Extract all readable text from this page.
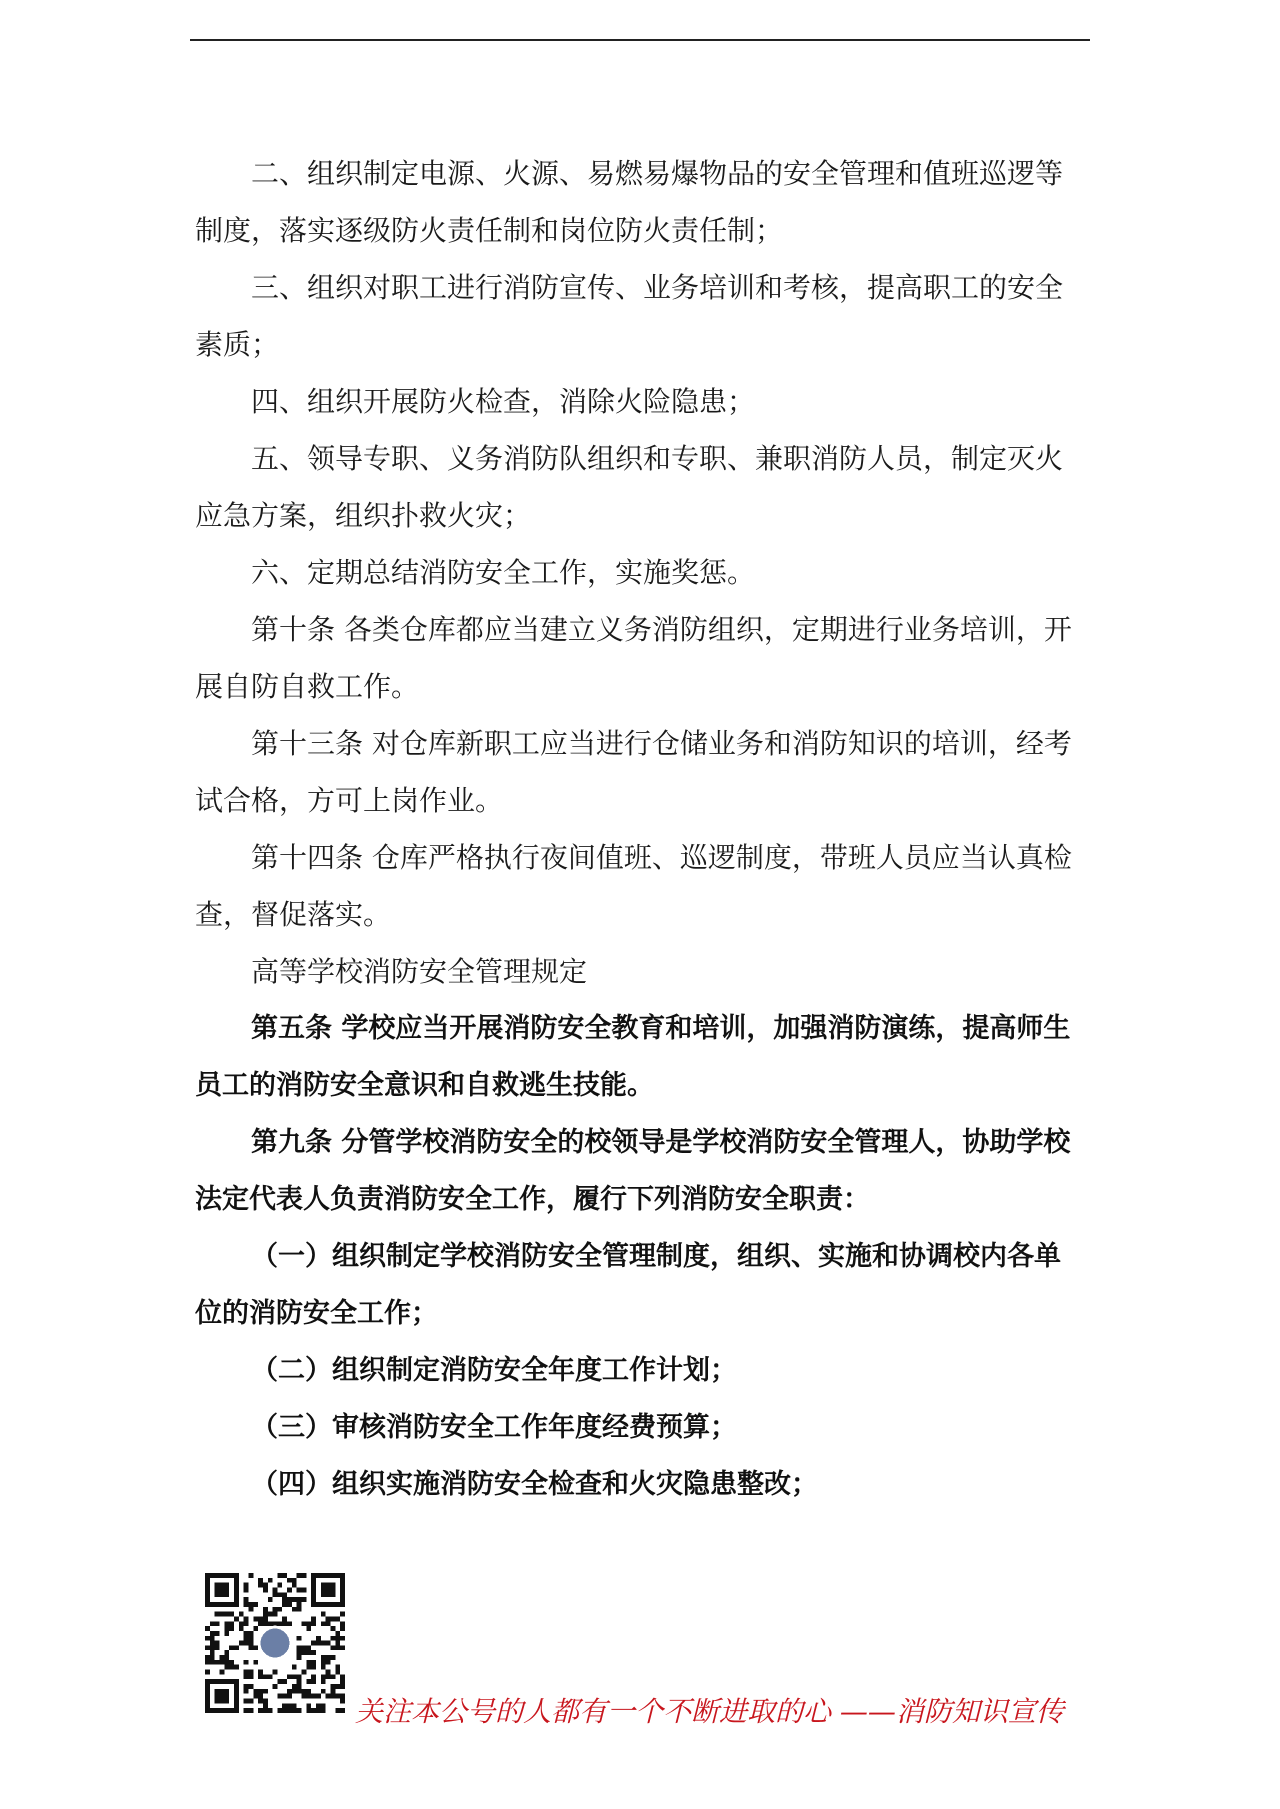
二、组织制定电源、火源、易燃易爆物品的安全管理和值班巡逻等制度，落实逐级防火责任制和岗位防火责任制；

三、组织对职工进行消防宣传、业务培训和考核，提高职工的安全素质；

四、组织开展防火检查，消除火险隐患；

五、领导专职、义务消防队组织和专职、兼职消防人员，制定灭火应急方案，组织扑救火灾；

六、定期总结消防安全工作，实施奖惩。

第十条 各类仓库都应当建立义务消防组织，定期进行业务培训，开展自防自救工作。

第十三条 对仓库新职工应当进行仓储业务和消防知识的培训，经考试合格，方可上岗作业。

第十四条 仓库严格执行夜间值班、巡逻制度，带班人员应当认真检查，督促落实。

高等学校消防安全管理规定

第五条 学校应当开展消防安全教育和培训，加强消防演练，提高师生员工的消防安全意识和自救逃生技能。

第九条 分管学校消防安全的校领导是学校消防安全管理人，协助学校法定代表人负责消防安全工作，履行下列消防安全职责：

（一）组织制定学校消防安全管理制度，组织、实施和协调校内各单位的消防安全工作；

（二）组织制定消防安全年度工作计划；

（三）审核消防安全工作年度经费预算；

（四）组织实施消防安全检查和火灾隐患整改；

关注本公号的人都有一个不断进取的心 ——消防知识宣传
